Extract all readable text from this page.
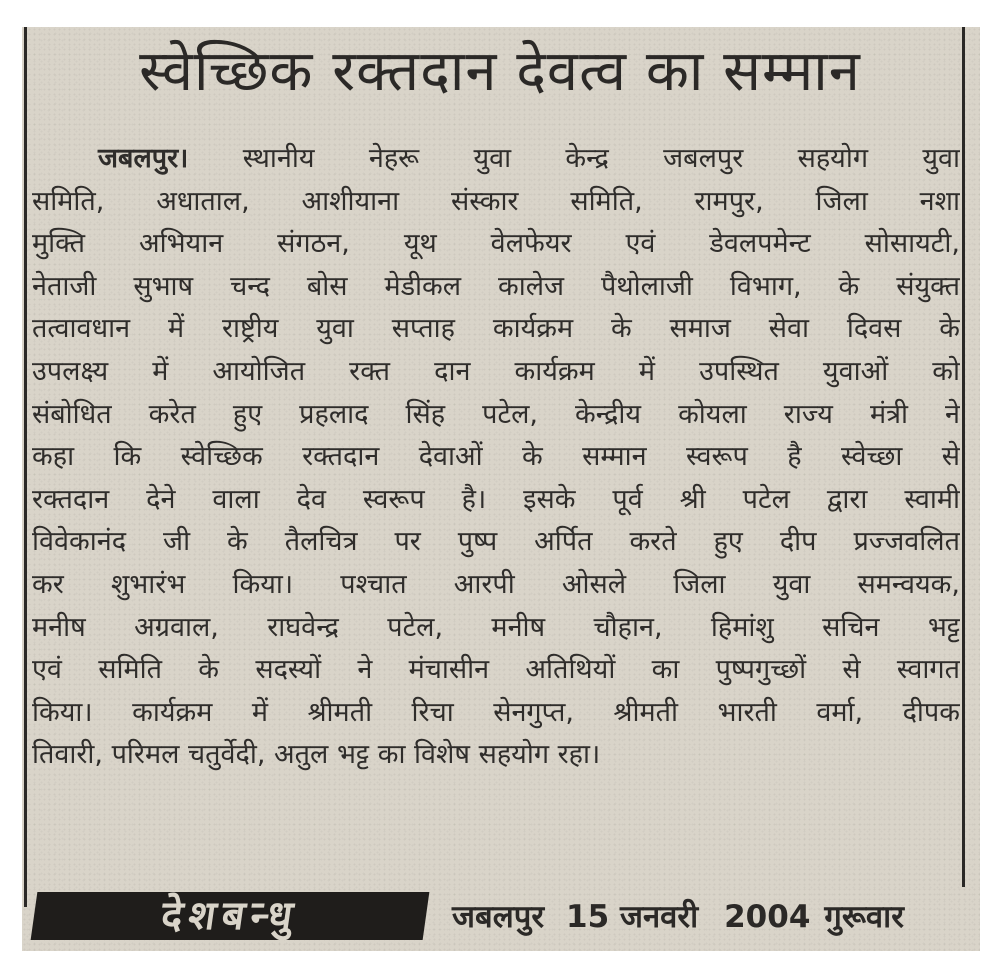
स्वेच्छिक रक्तदान देवत्व का सम्मान
जबलपुर। स्थानीय नेहरू युवा केन्द्र जबलपुर सहयोग युवा
समिति, अधाताल, आशीयाना संस्कार समिति, रामपुर, जिला नशा
मुक्ति अभियान संगठन, यूथ वेलफेयर एवं डेवलपमेन्ट सोसायटी,
नेताजी सुभाष चन्द बोस मेडीकल कालेज पैथोलाजी विभाग, के संयुक्त
तत्वावधान में राष्ट्रीय युवा सप्ताह कार्यक्रम के समाज सेवा दिवस के
उपलक्ष्य में आयोजित रक्त दान कार्यक्रम में उपस्थित युवाओं को
संबोधित करेत हुए प्रहलाद सिंह पटेल, केन्द्रीय कोयला राज्य मंत्री ने
कहा कि स्वेच्छिक रक्तदान देवाओं के सम्मान स्वरूप है स्वेच्छा से
रक्तदान देने वाला देव स्वरूप है। इसके पूर्व श्री पटेल द्वारा स्वामी
विवेकानंद जी के तैलचित्र पर पुष्प अर्पित करते हुए दीप प्रज्जवलित
कर शुभारंभ किया। पश्चात आरपी ओसले जिला युवा समन्वयक,
मनीष अग्रवाल, राघवेन्द्र पटेल, मनीष चौहान, हिमांशु सचिन भट्ट
एवं समिति के सदस्यों ने मंचासीन अतिथियों का पुष्पगुच्छों से स्वागत
किया। कार्यक्रम में श्रीमती रिचा सेनगुप्त, श्रीमती भारती वर्मा, दीपक
तिवारी, परिमल चतुर्वेदी, अतुल भट्ट का विशेष सहयोग रहा।
देशबन्धु	जबलपुर 15 जनवरी 2004 गुरूवार
